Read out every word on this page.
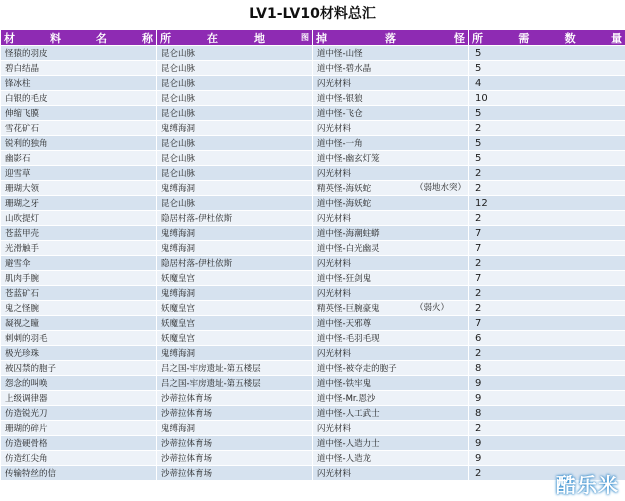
LV1-LV10材料总汇
材 料 名 称	所 在 地 图	掉 落 怪	所 需 数 量

怪猿的羽皮	昆仑山脉	道中怪-山怪	5
碧白结晶	昆仑山脉	道中怪-碧水晶	5
锋冰柱	昆仑山脉	闪光材料	4
白银的毛皮	昆仑山脉	道中怪-银狼	10
伸缩飞膜	昆仑山脉	道中怪-飞仓	5
雪花矿石	鬼缚海洞	闪光材料	2
锐利的独角	昆仑山脉	道中怪-一角	5
幽影石	昆仑山脉	道中怪-幽玄灯笼	5
迎雪草	昆仑山脉	闪光材料	2
珊瑚大领	鬼缚海洞	精英怪-海妖蛇 （弱地水突）	2
珊瑚之牙	昆仑山脉	道中怪-海妖蛇	12
山吹提灯	隐居村落-伊杜依斯	闪光材料	2
苍蓝甲壳	鬼缚海洞	道中怪-海潮蛀蟒	7
光滑触手	鬼缚海洞	道中怪-白光幽灵	7
避雪伞	隐居村落-伊杜依斯	闪光材料	2
肌肉手腕	妖魔皇宫	道中怪-狂剑鬼	7
苍蓝矿石	鬼缚海洞	闪光材料	2
鬼之怪腕	妖魔皇宫	精英怪-巨腕豪鬼 （弱火）	2
凝视之瞳	妖魔皇宫	道中怪-天邪尊	7
刺刺的羽毛	妖魔皇宫	道中怪-毛羽毛现	6
极光珍珠	鬼缚海洞	闪光材料	2
被囚禁的胞子	吕之国-牢房遗址-第五楼层	道中怪-被夺走的胞子	8
怨念的叫唤	吕之国-牢房遗址-第五楼层	道中怪-铁牢鬼	9
上级调律器	沙蒂拉体育场	道中怪-Mr.恩沙	9
仿造锐光刀	沙蒂拉体育场	道中怪-人工武士	8
珊瑚的碎片	鬼缚海洞	闪光材料	2
仿造硬骨格	沙蒂拉体育场	道中怪-人造力士	9
仿造红尖角	沙蒂拉体育场	道中怪-人造龙	9
传输特丝的信	沙蒂拉体育场	闪光材料	2	酷乐米
